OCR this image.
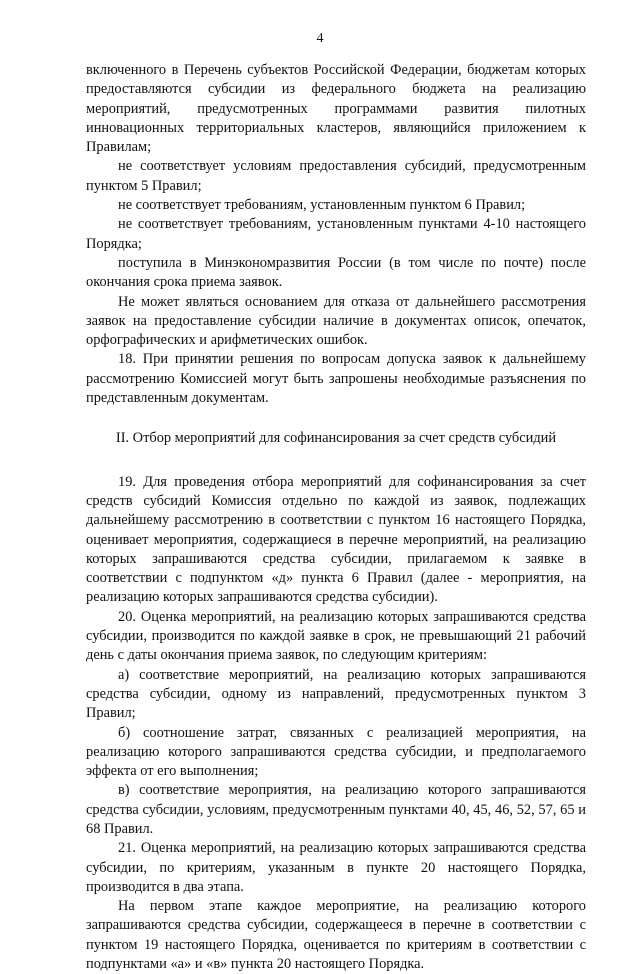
4

включенного в Перечень субъектов Российской Федерации, бюджетам которых предоставляются субсидии из федерального бюджета на реализацию мероприятий, предусмотренных программами развития пилотных инновационных территориальных кластеров, являющийся приложением к Правилам;

не соответствует условиям предоставления субсидий, предусмотренным пунктом 5 Правил;

не соответствует требованиям, установленным пунктом 6 Правил;

не соответствует требованиям, установленным пунктами 4-10 настоящего Порядка;

поступила в Минэкономразвития России (в том числе по почте) после окончания срока приема заявок.

Не может являться основанием для отказа от дальнейшего рассмотрения заявок на предоставление субсидии наличие в документах описок, опечаток, орфографических и арифметических ошибок.

18. При принятии решения по вопросам допуска заявок к дальнейшему рассмотрению Комиссией могут быть запрошены необходимые разъяснения по представленным документам.

II. Отбор мероприятий для софинансирования за счет средств субсидий

19. Для проведения отбора мероприятий для софинансирования за счет средств субсидий Комиссия отдельно по каждой из заявок, подлежащих дальнейшему рассмотрению в соответствии с пунктом 16 настоящего Порядка, оценивает мероприятия, содержащиеся в перечне мероприятий, на реализацию которых запрашиваются средства субсидии, прилагаемом к заявке в соответствии с подпунктом «д» пункта 6 Правил (далее - мероприятия, на реализацию которых запрашиваются средства субсидии).

20. Оценка мероприятий, на реализацию которых запрашиваются средства субсидии, производится по каждой заявке в срок, не превышающий 21 рабочий день с даты окончания приема заявок, по следующим критериям:

а) соответствие мероприятий, на реализацию которых запрашиваются средства субсидии, одному из направлений, предусмотренных пунктом 3 Правил;

б) соотношение затрат, связанных с реализацией мероприятия, на реализацию которого запрашиваются средства субсидии, и предполагаемого эффекта от его выполнения;

в) соответствие мероприятия, на реализацию которого запрашиваются средства субсидии, условиям, предусмотренным пунктами 40, 45, 46, 52, 57, 65 и 68 Правил.

21. Оценка мероприятий, на реализацию которых запрашиваются средства субсидии, по критериям, указанным в пункте 20 настоящего Порядка, производится в два этапа.

На первом этапе каждое мероприятие, на реализацию которого запрашиваются средства субсидии, содержащееся в перечне в соответствии с пунктом 19 настоящего Порядка, оценивается по критериям в соответствии с подпунктами «а» и «в» пункта 20 настоящего Порядка.
